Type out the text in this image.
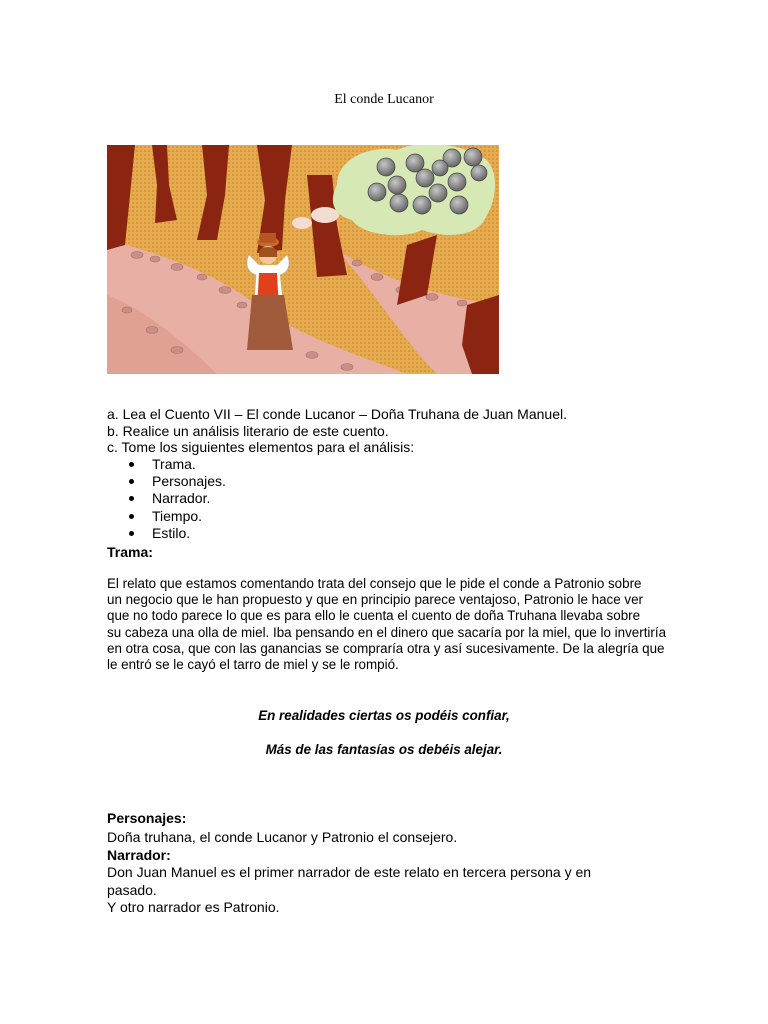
El conde Lucanor
a. Lea el Cuento VII – El conde Lucanor – Doña Truhana de Juan Manuel.
b. Realice un análisis literario de este cuento.
c. Tome los siguientes elementos para el análisis:
Trama.
Personajes.
Narrador.
Tiempo.
Estilo.
Trama:
El relato que estamos comentando trata del consejo que le pide el conde a Patronio sobre
un negocio que le han propuesto y que en principio parece ventajoso, Patronio le hace ver
que no todo parece lo que es para ello le cuenta el cuento de doña Truhana llevaba sobre
su cabeza una olla de miel. Iba pensando en el dinero que sacaría por la miel, que lo invertiría
en otra cosa, que con las ganancias se compraría otra y así sucesivamente. De la alegría que
le entró se le cayó el tarro de miel y se le rompió.
En realidades ciertas os podéis confiar,
Más de las fantasías os debéis alejar.
Personajes:
Doña truhana, el conde Lucanor y Patronio el consejero.
Narrador:
Don Juan Manuel es el primer narrador de este relato en tercera persona y en
pasado.
Y otro narrador es Patronio.
